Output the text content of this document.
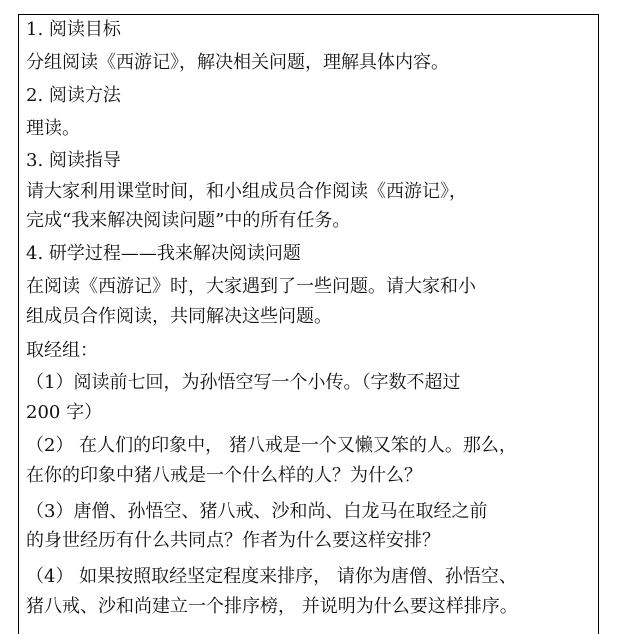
1. 阅读目标
分组阅读《西游记》，解决相关问题，理解具体内容。
2. 阅读方法
理读。
3. 阅读指导
请大家利用课堂时间，和小组成员合作阅读《西游记》，
完成“我来解决阅读问题”中的所有任务。
4. 研学过程——我来解决阅读问题
在阅读《西游记》时，大家遇到了一些问题。请大家和小
组成员合作阅读，共同解决这些问题。
取经组：
（1）阅读前七回，为孙悟空写一个小传。（字数不超过
200 字）
（2） 在人们的印象中， 猪八戒是一个又懒又笨的人。那么，
在你的印象中猪八戒是一个什么样的人？为什么？
（3）唐僧、孙悟空、猪八戒、沙和尚、白龙马在取经之前
的身世经历有什么共同点？作者为什么要这样安排？
（4） 如果按照取经坚定程度来排序， 请你为唐僧、孙悟空、
猪八戒、沙和尚建立一个排序榜， 并说明为什么要这样排序。
